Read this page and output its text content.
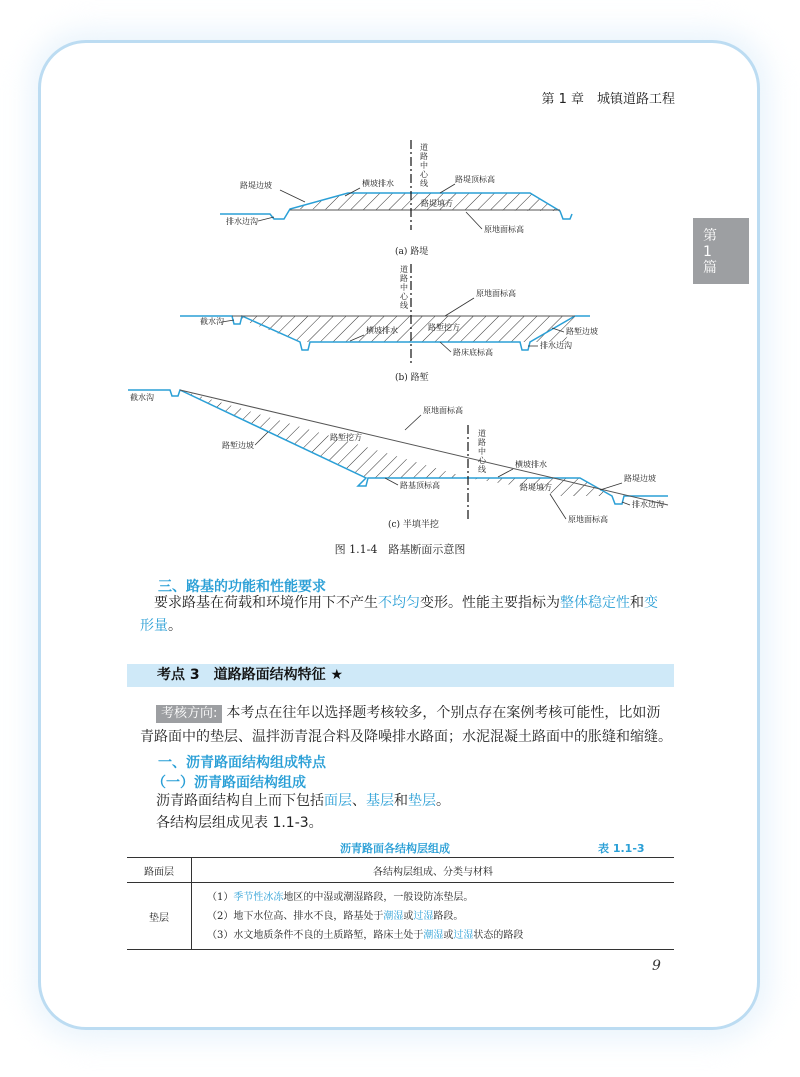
第 1 章　城镇道路工程
第
1
篇
道 路 中 心 线
路堤边坡	横坡排水	路堤顶标高
路堤填方
排水边沟
原地面标高
(a) 路堤
道 路 中 心 线
原地面标高
截水沟
横坡排水	路堑挖方	路堑边坡
排水边沟
路床底标高
(b) 路堑
道 路 中 心 线
截水沟
原地面标高
路堑挖方
路堑边坡
路基顶标高
横坡排水
路堤边坡
路堤填方
排水边沟
原地面标高
(c) 半填半挖
图 1.1-4　路基断面示意图
三、路基的功能和性能要求
要求路基在荷载和环境作用下不产生不均匀变形。性能主要指标为整体稳定性和变
形量。
考点 3　道路路面结构特征 ★
考核方向: 本考点在往年以选择题考核较多，个别点存在案例考核可能性，比如沥
青路面中的垫层、温拌沥青混合料及降噪排水路面；水泥混凝土路面中的胀缝和缩缝。
一、沥青路面结构组成特点
（一）沥青路面结构组成
沥青路面结构自上而下包括面层、基层和垫层。
各结构层组成见表 1.1-3。
沥青路面各结构层组成	表 1.1-3
路面层	各结构层组成、分类与材料
垫层	（1）季节性冰冻地区的中湿或潮湿路段，一般设防冻垫层。
（2）地下水位高、排水不良，路基处于潮湿或过湿路段。
（3）水文地质条件不良的土质路堑，路床土处于潮湿或过湿状态的路段
9
